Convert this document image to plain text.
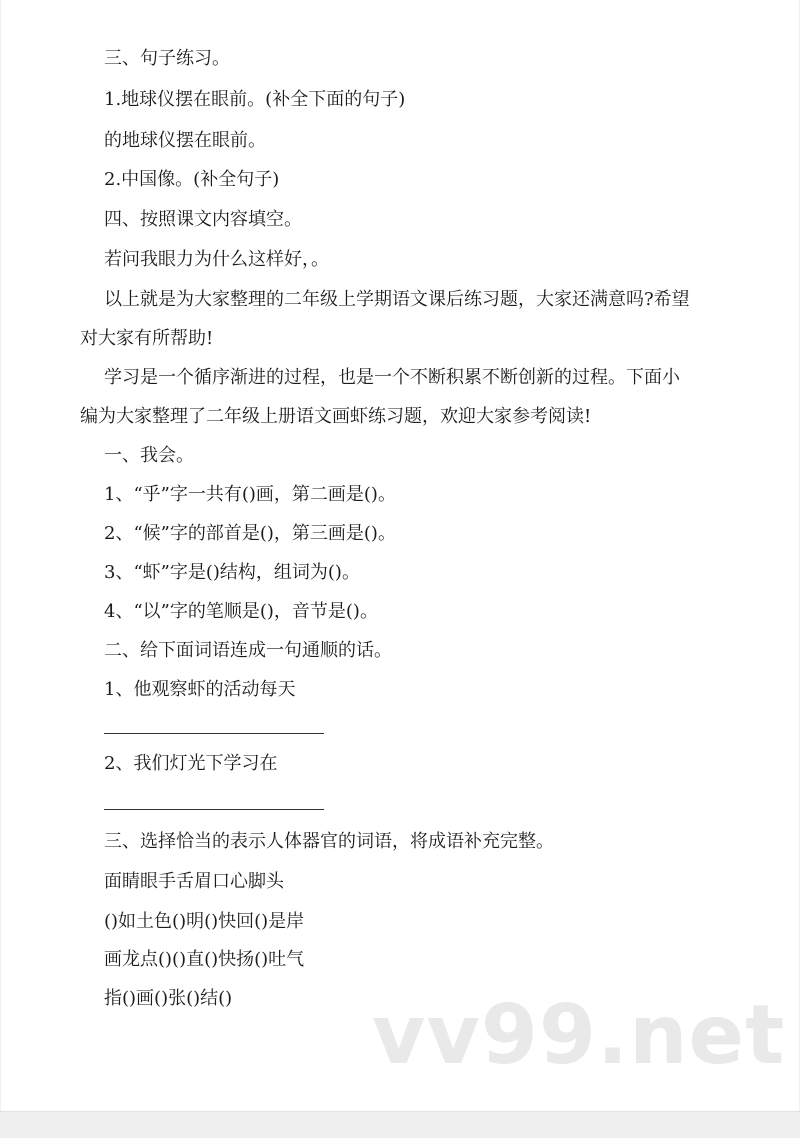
三、句子练习。
1.地球仪摆在眼前。(补全下面的句子)
的地球仪摆在眼前。
2.中国像。(补全句子)
四、按照课文内容填空。
若问我眼力为什么这样好，。
以上就是为大家整理的二年级上学期语文课后练习题，大家还满意吗?希望
对大家有所帮助!
学习是一个循序渐进的过程，也是一个不断积累不断创新的过程。下面小
编为大家整理了二年级上册语文画虾练习题，欢迎大家参考阅读!
一、我会。
1、“乎”字一共有()画，第二画是()。
2、“候”字的部首是()，第三画是()。
3、“虾”字是()结构，组词为()。
4、“以”字的笔顺是()，音节是()。
二、给下面词语连成一句通顺的话。
1、他观察虾的活动每天
2、我们灯光下学习在
三、选择恰当的表示人体器官的词语，将成语补充完整。
面睛眼手舌眉口心脚头
()如土色()明()快回()是岸
画龙点()()直()快扬()吐气
指()画()张()结() vv99.net
